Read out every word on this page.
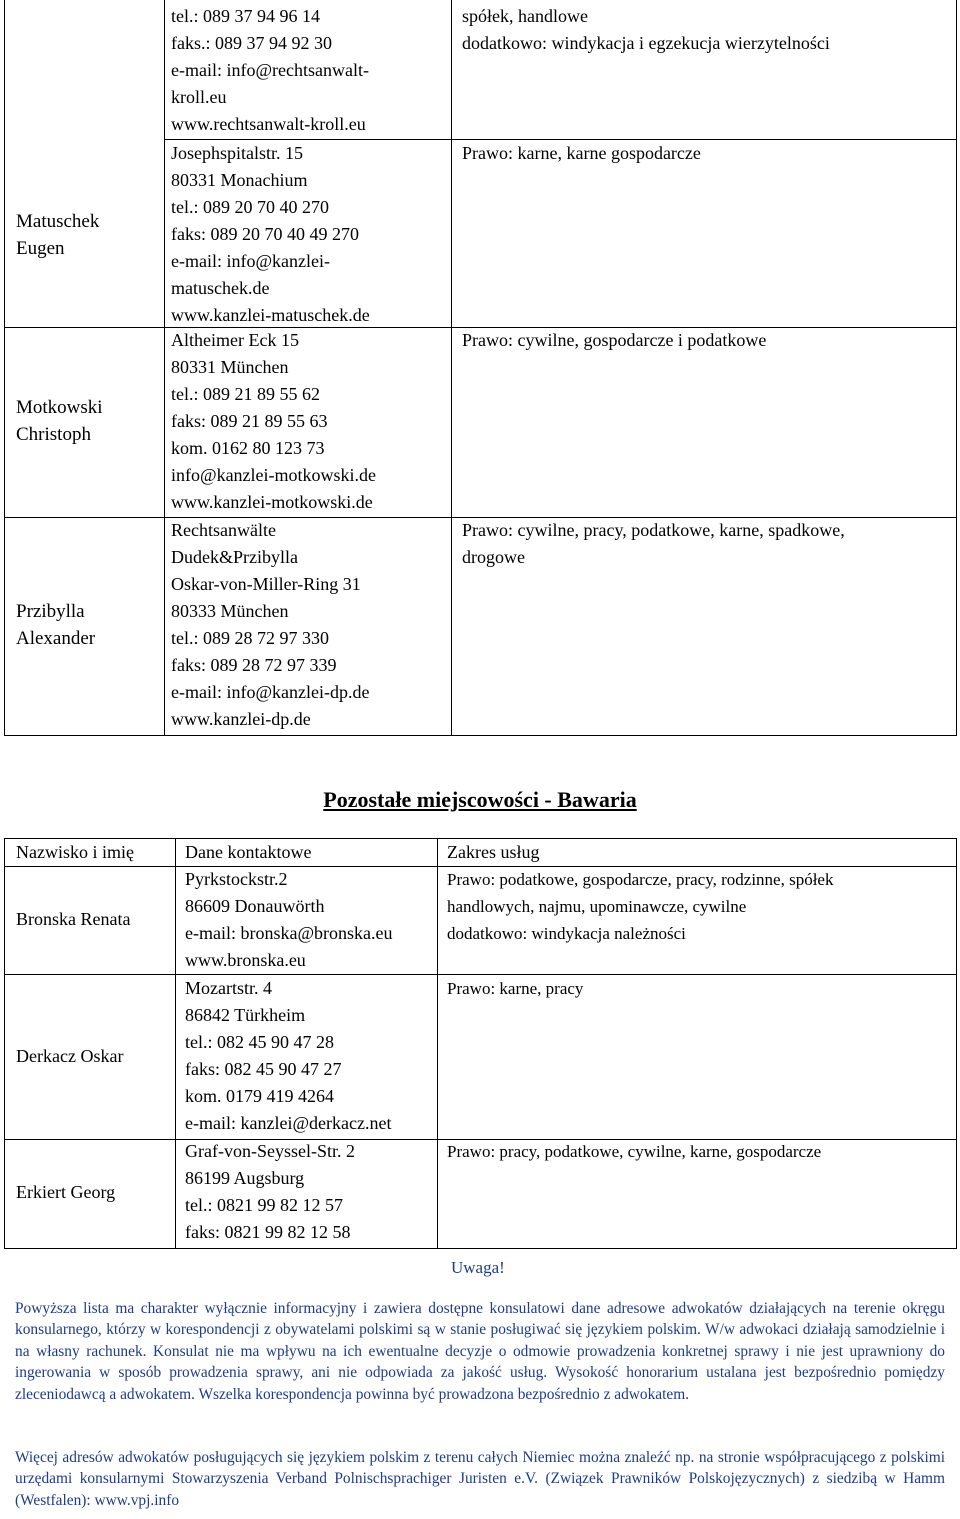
tel.: 089 37 94 96 14
faks.: 089 37 94 92 30
e-mail: info@rechtsanwalt-
kroll.eu
www.rechtsanwalt-kroll.eu
spółek, handlowe
dodatkowo: windykacja i egzekucja wierzytelności
Matuschek
Eugen
Josephspitalstr. 15
80331 Monachium
tel.: 089 20 70 40 270
faks: 089 20 70 40 49 270
e-mail: info@kanzlei-
matuschek.de
www.kanzlei-matuschek.de
Prawo: karne, karne gospodarcze
Motkowski
Christoph
Altheimer Eck 15
80331 München
tel.: 089 21 89 55 62
faks: 089 21 89 55 63
kom. 0162 80 123 73
info@kanzlei-motkowski.de
www.kanzlei-motkowski.de
Prawo: cywilne, gospodarcze i podatkowe
Przibylla
Alexander
Rechtsanwälte
Dudek&Przibylla
Oskar-von-Miller-Ring 31
80333 München
tel.: 089 28 72 97 330
faks: 089 28 72 97 339
e-mail: info@kanzlei-dp.de
www.kanzlei-dp.de
Prawo: cywilne, pracy, podatkowe, karne, spadkowe,
drogowe
Pozostałe miejscowości - Bawaria
Nazwisko i imię	Dane kontaktowe	Zakres usług
Bronska Renata
Pyrkstockstr.2
86609 Donauwörth
e-mail: bronska@bronska.eu
www.bronska.eu
Prawo: podatkowe, gospodarcze, pracy, rodzinne, spółek
handlowych, najmu, upominawcze, cywilne
dodatkowo: windykacja należności
Derkacz Oskar
Mozartstr. 4
86842 Türkheim
tel.: 082 45 90 47 28
faks: 082 45 90 47 27
kom. 0179 419 4264
e-mail: kanzlei@derkacz.net
Prawo: karne, pracy
Erkiert Georg
Graf-von-Seyssel-Str. 2
86199 Augsburg
tel.: 0821 99 82 12 57
faks: 0821 99 82 12 58
Prawo: pracy, podatkowe, cywilne, karne, gospodarcze
Uwaga!
Powyższa lista ma charakter wyłącznie informacyjny i zawiera dostępne konsulatowi dane adresowe adwokatów działających na terenie okręgu konsularnego, którzy w korespondencji z obywatelami polskimi są w stanie posługiwać się językiem polskim. W/w adwokaci działają samodzielnie i na własny rachunek. Konsulat nie ma wpływu na ich ewentualne decyzje o odmowie prowadzenia konkretnej sprawy i nie jest uprawniony do ingerowania w sposób prowadzenia sprawy, ani nie odpowiada za jakość usług. Wysokość honorarium ustalana jest bezpośrednio pomiędzy zleceniodawcą a adwokatem. Wszelka korespondencja powinna być prowadzona bezpośrednio z adwokatem.
Więcej adresów adwokatów posługujących się językiem polskim z terenu całych Niemiec można znaleźć np. na stronie współpracującego z polskimi urzędami konsularnymi Stowarzyszenia Verband Polnischsprachiger Juristen e.V. (Związek Prawników Polskojęzycznych) z siedzibą w Hamm (Westfalen): www.vpj.info
